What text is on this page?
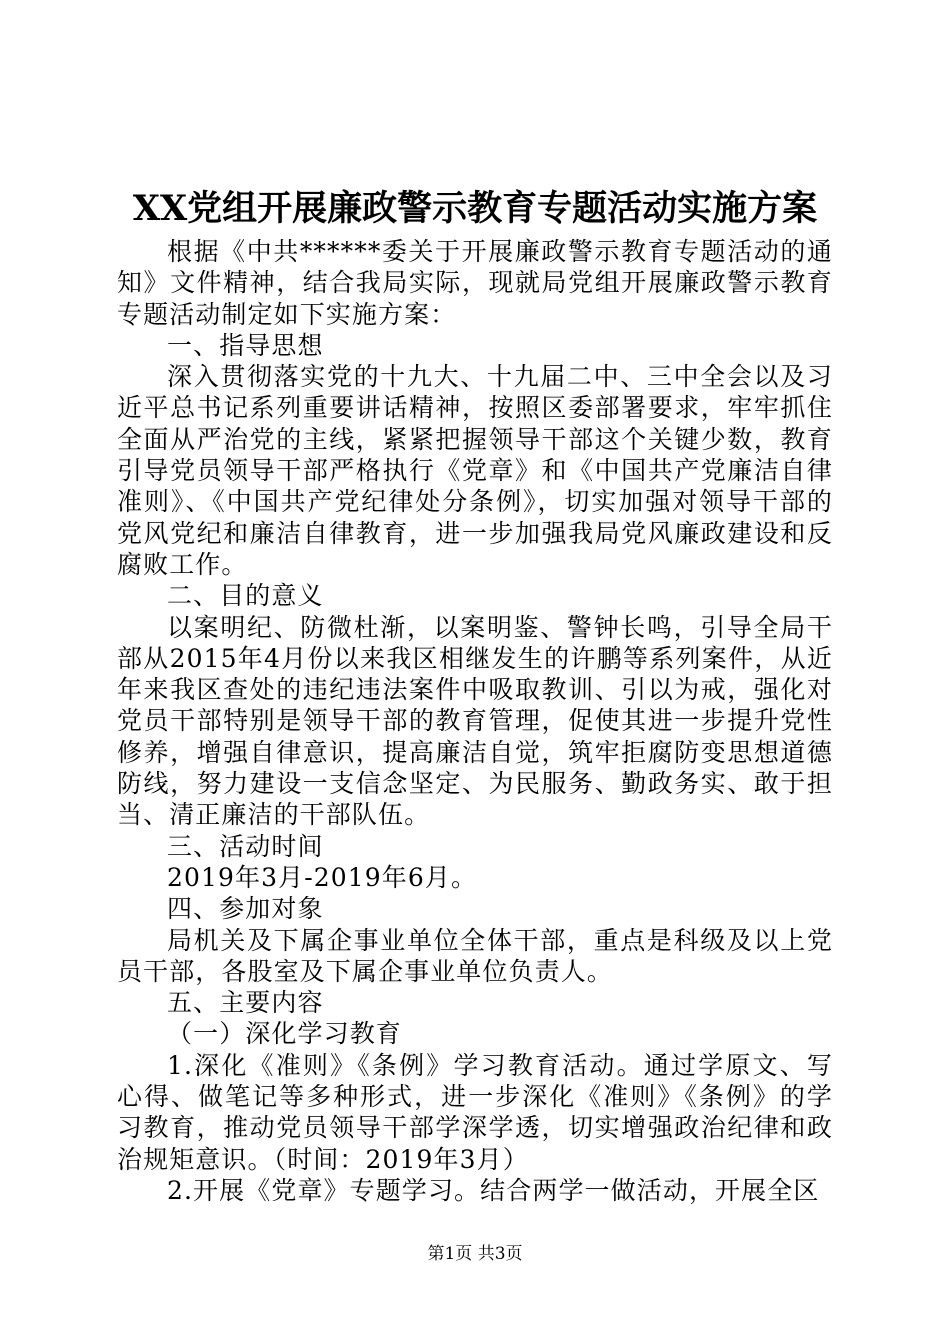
XX党组开展廉政警示教育专题活动实施方案

根据《中共******委关于开展廉政警示教育专题活动的通知》文件精神，结合我局实际，现就局党组开展廉政警示教育专题活动制定如下实施方案：

一、指导思想

深入贯彻落实党的十九大、十九届二中、三中全会以及习近平总书记系列重要讲话精神，按照区委部署要求，牢牢抓住全面从严治党的主线，紧紧把握领导干部这个关键少数，教育引导党员领导干部严格执行《党章》和《中国共产党廉洁自律准则》、《中国共产党纪律处分条例》，切实加强对领导干部的党风党纪和廉洁自律教育，进一步加强我局党风廉政建设和反腐败工作。

二、目的意义

以案明纪、防微杜渐，以案明鉴、警钟长鸣，引导全局干部从2015年4月份以来我区相继发生的许鹏等系列案件，从近年来我区查处的违纪违法案件中吸取教训、引以为戒，强化对党员干部特别是领导干部的教育管理，促使其进一步提升党性修养，增强自律意识，提高廉洁自觉，筑牢拒腐防变思想道德防线，努力建设一支信念坚定、为民服务、勤政务实、敢于担当、清正廉洁的干部队伍。

三、活动时间

2019年3月-2019年6月。

四、参加对象

局机关及下属企事业单位全体干部，重点是科级及以上党员干部，各股室及下属企事业单位负责人。

五、主要内容

（一）深化学习教育

1.深化《准则》《条例》学习教育活动。通过学原文、写心得、做笔记等多种形式，进一步深化《准则》《条例》的学习教育，推动党员领导干部学深学透，切实增强政治纪律和政治规矩意识。（时间：2019年3月）

2.开展《党章》专题学习。结合两学一做活动，开展全区

第1页 共3页
